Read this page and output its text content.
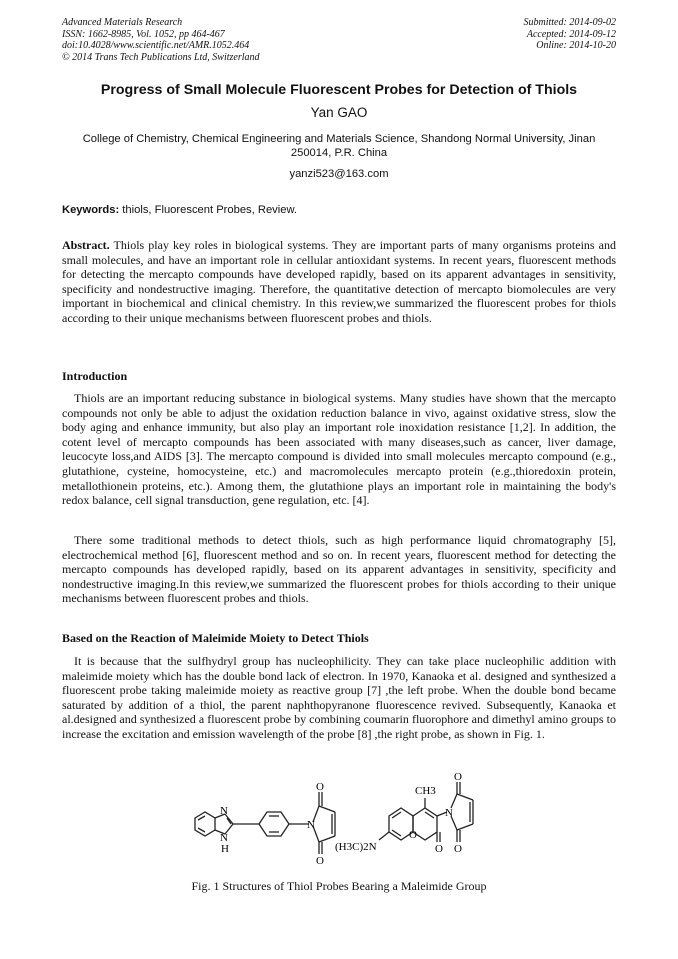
Advanced Materials Research
ISSN: 1662-8985, Vol. 1052, pp 464-467
doi:10.4028/www.scientific.net/AMR.1052.464
© 2014 Trans Tech Publications Ltd, Switzerland
Submitted: 2014-09-02
Accepted: 2014-09-12
Online: 2014-10-20
Progress of Small Molecule Fluorescent Probes for Detection of Thiols
Yan GAO
College of Chemistry, Chemical Engineering and Materials Science, Shandong Normal University, Jinan 250014, P.R. China
yanzi523@163.com
Keywords: thiols, Fluorescent Probes, Review.

Abstract. Thiols play key roles in biological systems. They are important parts of many organisms proteins and small molecules, and have an important role in cellular antioxidant systems. In recent years, fluorescent methods for detecting the mercapto compounds have developed rapidly, based on its apparent advantages in sensitivity, specificity and nondestructive imaging. Therefore, the quantitative detection of mercapto biomolecules are very important in biochemical and clinical chemistry. In this review,we summarized the fluorescent probes for thiols according to their unique mechanisms between fluorescent probes and thiols.

Introduction

Thiols are an important reducing substance in biological systems. Many studies have shown that the mercapto compounds not only be able to adjust the oxidation reduction balance in vivo, against oxidative stress, slow the body aging and enhance immunity, but also play an important role inoxidation resistance [1,2]. In addition, the cotent level of mercapto compounds has been associated with many diseases,such as cancer, liver damage, leucocyte loss,and AIDS [3]. The mercapto compound is divided into small molecules mercapto compound (e.g., glutathione, cysteine, homocysteine, etc.) and macromolecules mercapto protein (e.g.,thioredoxin protein, metallothionein proteins, etc.). Among them, the glutathione plays an important role in maintaining the body's redox balance, cell signal transduction, gene regulation, etc. [4].

There some traditional methods to detect thiols, such as high performance liquid chromatography [5], electrochemical method [6], fluorescent method and so on. In recent years, fluorescent method for detecting the mercapto compounds has developed rapidly, based on its apparent advantages in sensitivity, specificity and nondestructive imaging.In this review,we summarized the fluorescent probes for thiols according to their unique mechanisms between fluorescent probes and thiols.

Based on the Reaction of Maleimide Moiety to Detect Thiols

It is because that the sulfhydryl group has nucleophilicity. They can take place nucleophilic addition with maleimide moiety which has the double bond lack of electron. In 1970, Kanaoka et al. designed and synthesized a fluorescent probe taking maleimide moiety as reactive group [7] ,the left probe. When the double bond became saturated by addition of a thiol, the parent naphthopyranone fluorescence revived. Subsequently, Kanaoka et al.designed and synthesized a fluorescent probe by combining coumarin fluorophore and dimethyl amino groups to increase the excitation and emission wavelength of the probe [8] ,the right probe, as shown in Fig. 1.

N
N
H
N
O
O
CH3
N
O
O
O
O
(H3C)2N
Fig. 1 Structures of Thiol Probes Bearing a Maleimide Group
